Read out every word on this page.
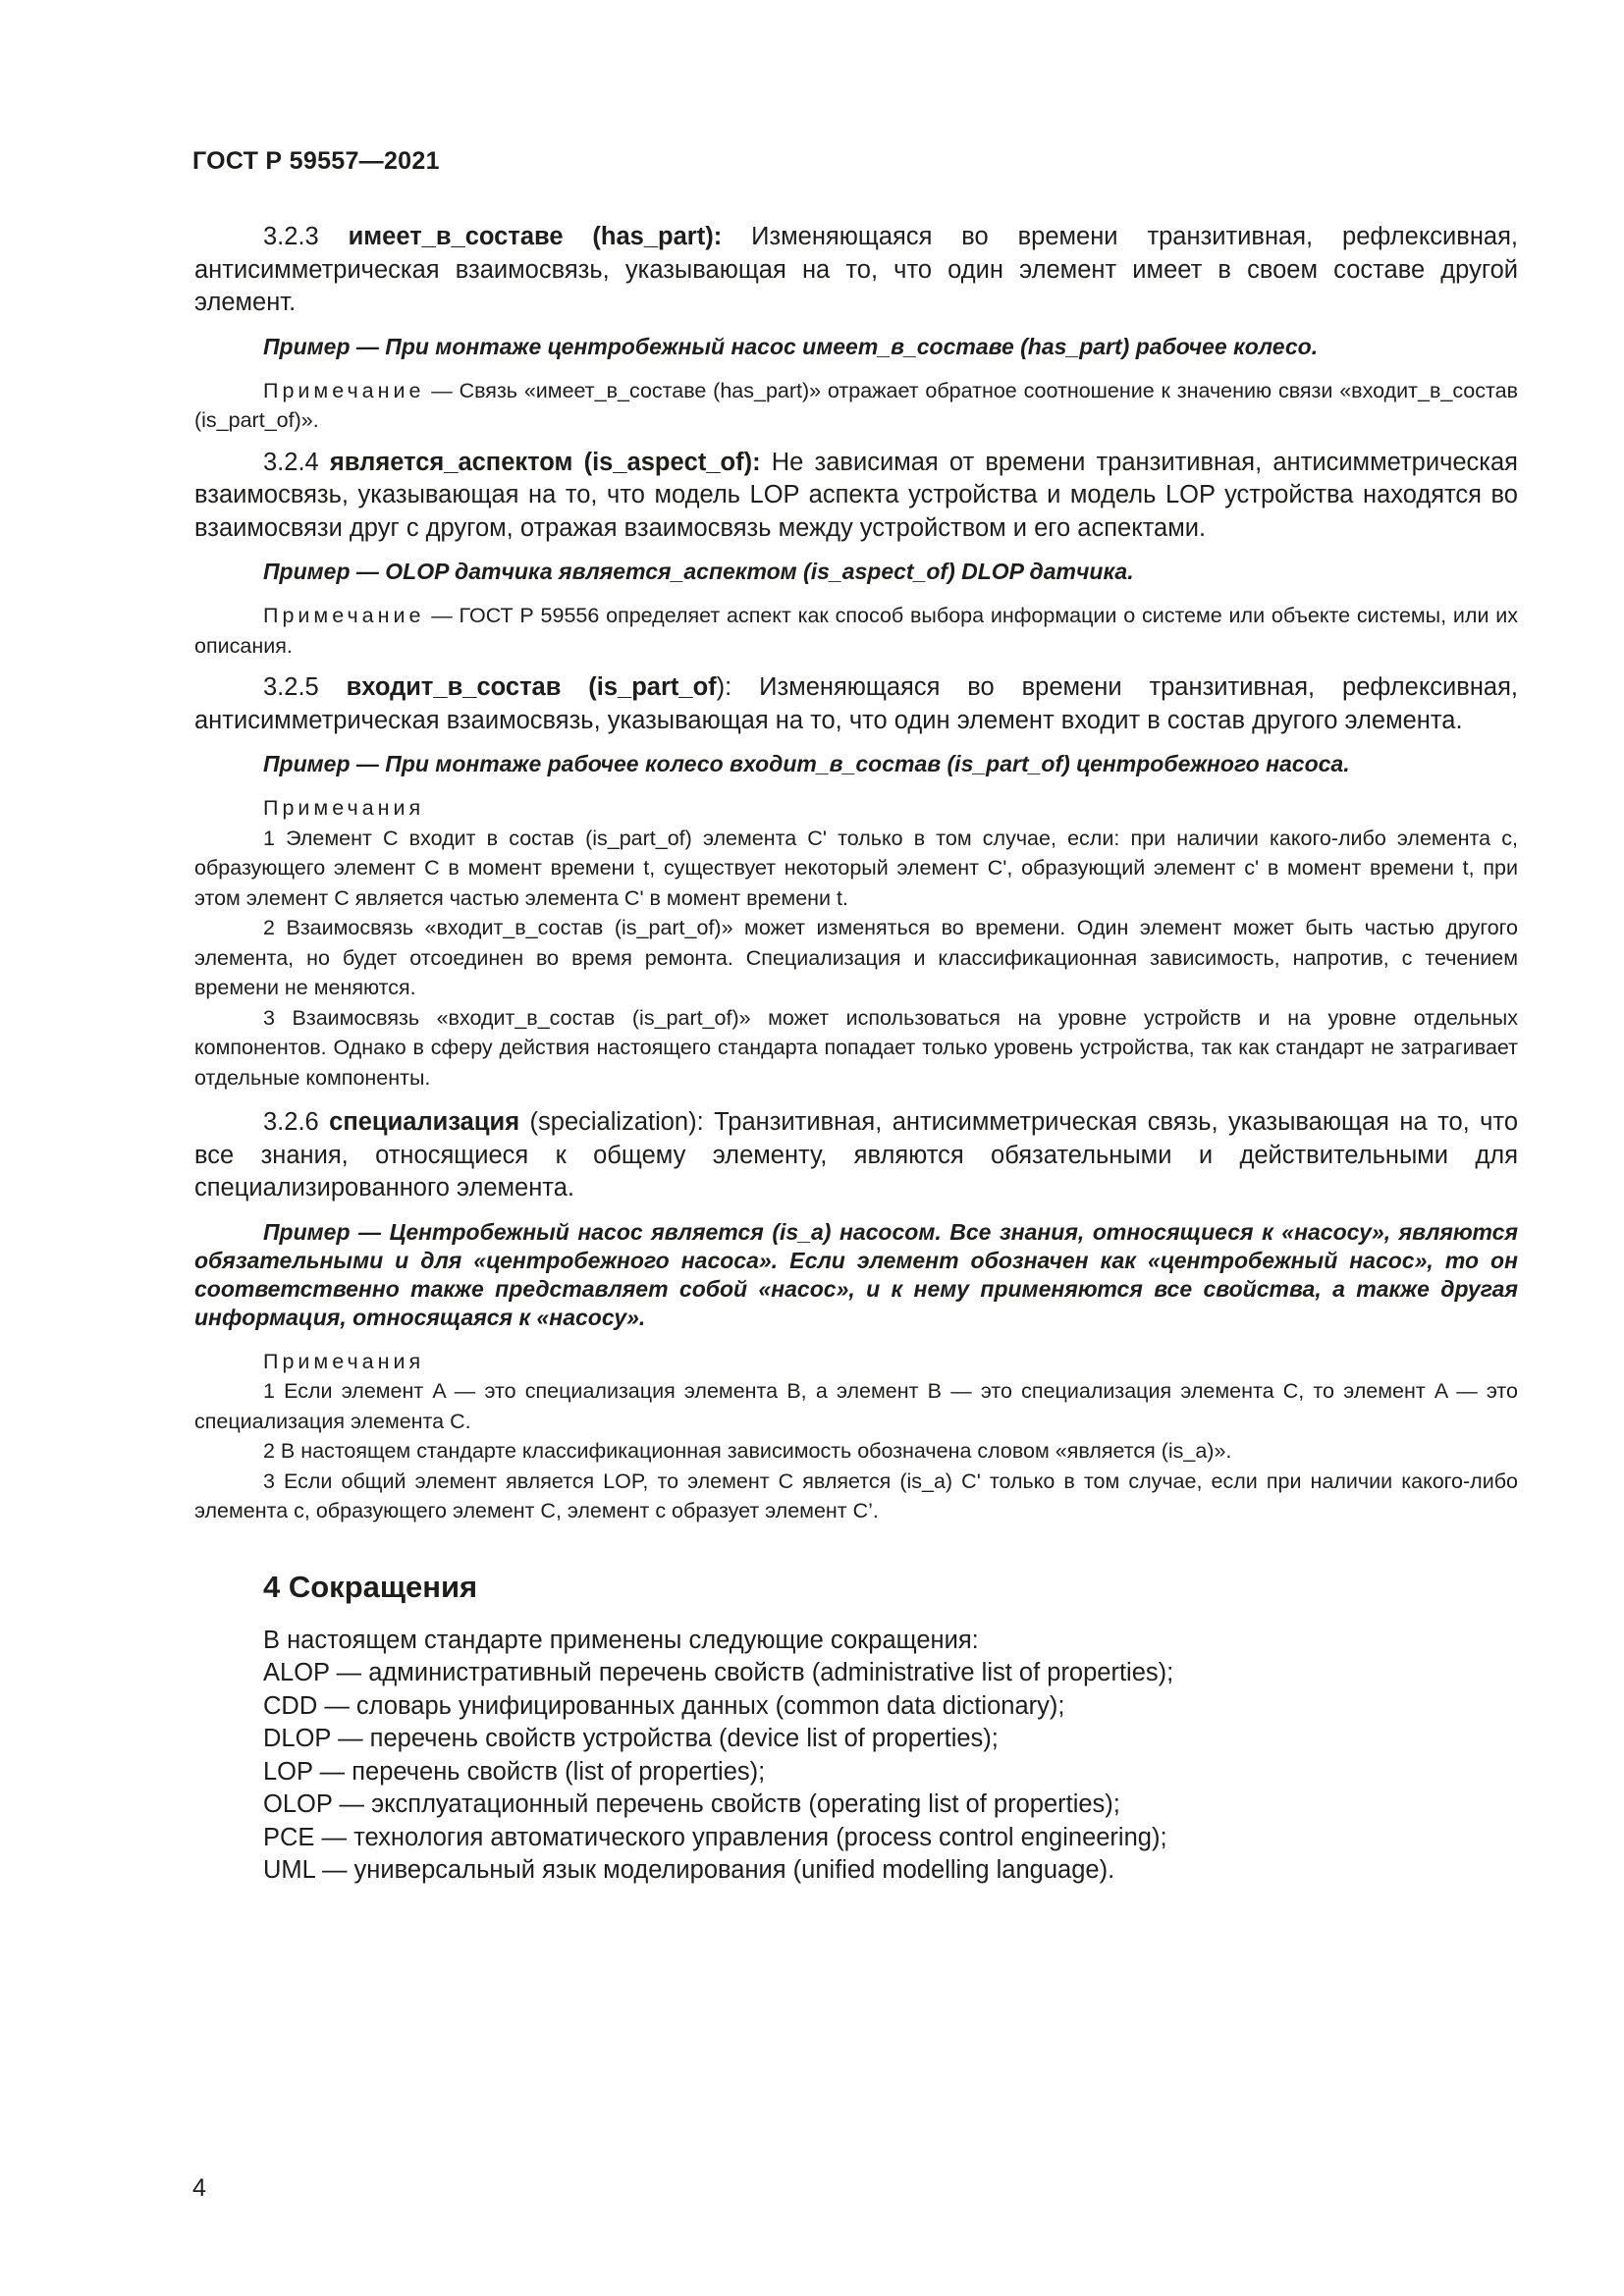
ГОСТ Р 59557—2021

3.2.3 имеет_в_составе (has_part): Изменяющаяся во времени транзитивная, рефлексивная, антисимметрическая взаимосвязь, указывающая на то, что один элемент имеет в своем составе другой элемент.

Пример — При монтаже центробежный насос имеет_в_составе (has_part) рабочее колесо.

Примечание — Связь «имеет_в_составе (has_part)» отражает обратное соотношение к значению связи «входит_в_состав (is_part_of)».

3.2.4 является_аспектом (is_aspect_of): Не зависимая от времени транзитивная, антисимметрическая взаимосвязь, указывающая на то, что модель LOP аспекта устройства и модель LOP устройства находятся во взаимосвязи друг с другом, отражая взаимосвязь между устройством и его аспектами.

Пример — OLOP датчика является_аспектом (is_aspect_of) DLOP датчика.

Примечание — ГОСТ Р 59556 определяет аспект как способ выбора информации о системе или объекте системы, или их описания.

3.2.5 входит_в_состав (is_part_of): Изменяющаяся во времени транзитивная, рефлексивная, антисимметрическая взаимосвязь, указывающая на то, что один элемент входит в состав другого элемента.

Пример — При монтаже рабочее колесо входит_в_состав (is_part_of) центробежного насоса.

Примечания

1 Элемент C входит в состав (is_part_of) элемента C' только в том случае, если: при наличии какого-либо элемента c, образующего элемент C в момент времени t, существует некоторый элемент C', образующий элемент c' в момент времени t, при этом элемент C является частью элемента C' в момент времени t.

2 Взаимосвязь «входит_в_состав (is_part_of)» может изменяться во времени. Один элемент может быть частью другого элемента, но будет отсоединен во время ремонта. Специализация и классификационная зависимость, напротив, с течением времени не меняются.

3 Взаимосвязь «входит_в_состав (is_part_of)» может использоваться на уровне устройств и на уровне отдельных компонентов. Однако в сферу действия настоящего стандарта попадает только уровень устройства, так как стандарт не затрагивает отдельные компоненты.

3.2.6 специализация (specialization): Транзитивная, антисимметрическая связь, указывающая на то, что все знания, относящиеся к общему элементу, являются обязательными и действительными для специализированного элемента.

Пример — Центробежный насос является (is_a) насосом. Все знания, относящиеся к «насосу», являются обязательными и для «центробежного насоса». Если элемент обозначен как «центробежный насос», то он соответственно также представляет собой «насос», и к нему применяются все свойства, а также другая информация, относящаяся к «насосу».

Примечания

1 Если элемент A — это специализация элемента B, а элемент B — это специализация элемента C, то элемент A — это специализация элемента C.

2 В настоящем стандарте классификационная зависимость обозначена словом «является (is_a)».

3 Если общий элемент является LOP, то элемент C является (is_a) C' только в том случае, если при наличии какого-либо элемента c, образующего элемент C, элемент c образует элемент C’.

4 Сокращения
В настоящем стандарте применены следующие сокращения:
ALOP — административный перечень свойств (administrative list of properties);
CDD — словарь унифицированных данных (common data dictionary);
DLOP — перечень свойств устройства (device list of properties);
LOP — перечень свойств (list of properties);
OLOP — эксплуатационный перечень свойств (operating list of properties);
PCE — технология автоматического управления (process control engineering);
UML — универсальный язык моделирования (unified modelling language).
4
